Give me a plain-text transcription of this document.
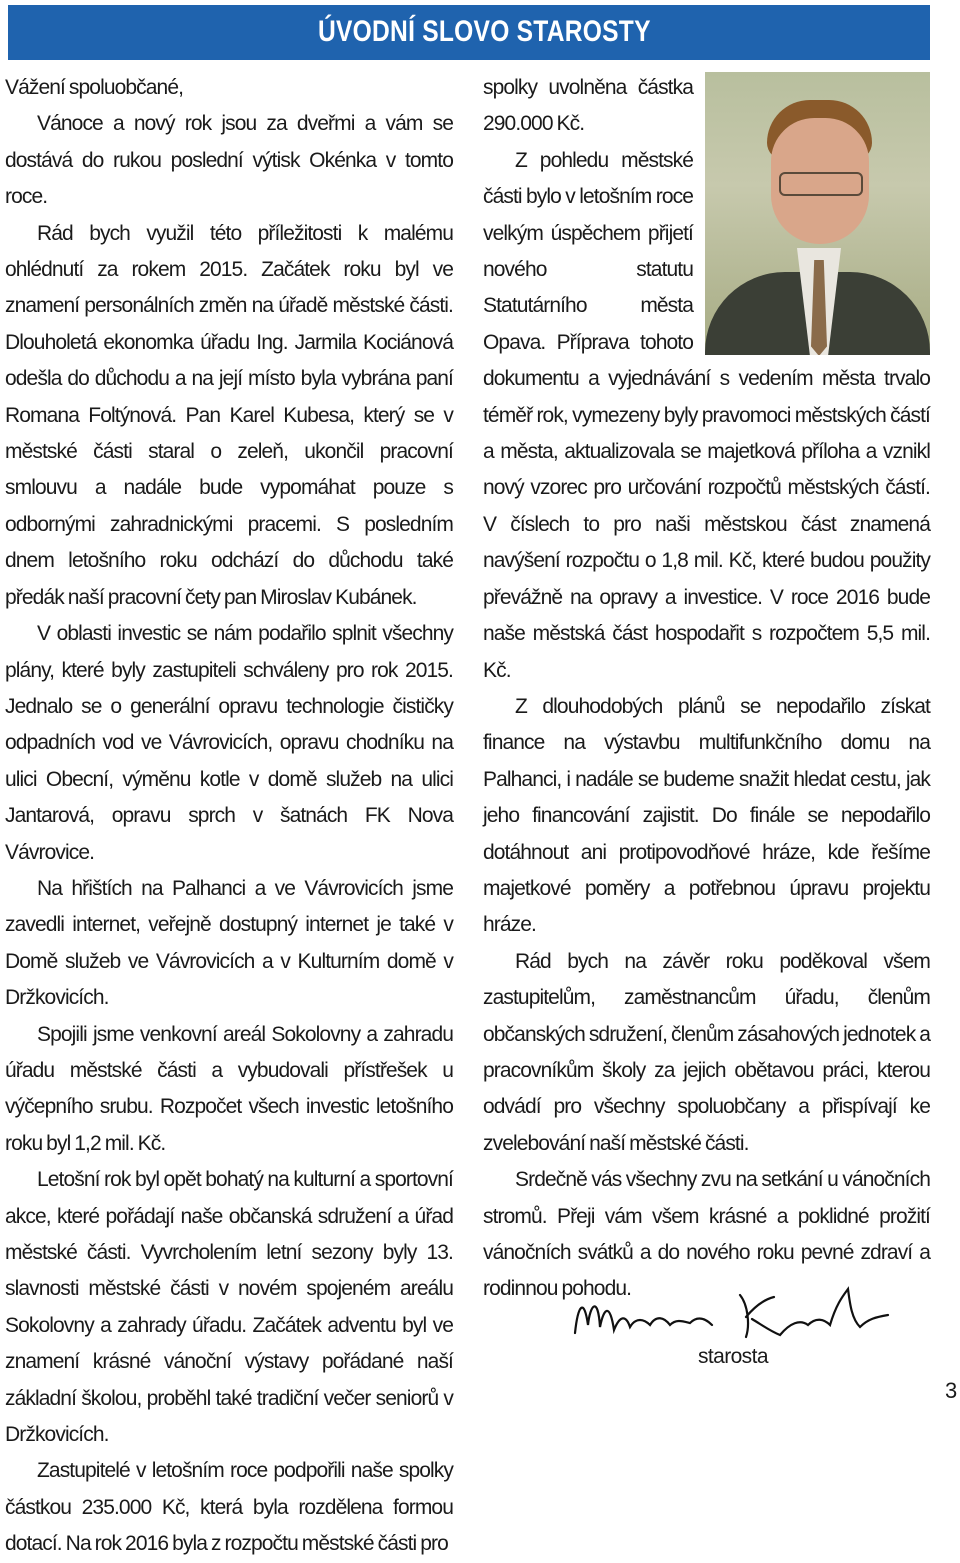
ÚVODNÍ SLOVO STAROSTY

Vážení spoluobčané,

Vánoce a nový rok jsou za dveřmi a vám se dostává do rukou poslední výtisk Okénka v tomto roce.

Rád bych využil této příležitosti k malému ohlédnutí za rokem 2015. Začátek roku byl ve znamení personálních změn na úřadě městské části. Dlouholetá ekonomka úřadu Ing. Jarmila Kociánová odešla do důchodu a na její místo byla vybrána paní Romana Foltýnová. Pan Karel Kubesa, který se v městské části staral o zeleň, ukončil pracovní smlouvu a nadále bude vypomáhat pouze s odbornými zahradnickými pracemi. S posledním dnem letošního roku odchází do důchodu také předák naší pracovní čety pan Miroslav Kubánek.

V oblasti investic se nám podařilo splnit všechny plány, které byly zastupiteli schváleny pro rok 2015. Jednalo se o generální opravu technologie čističky odpadních vod ve Vávrovicích, opravu chodníku na ulici Obecní, výměnu kotle v domě služeb na ulici Jantarová, opravu sprch v šatnách FK Nova Vávrovice.

Na hřištích na Palhanci a ve Vávrovicích jsme zavedli internet, veřejně dostupný internet je také v Domě služeb ve Vávrovicích a v Kulturním domě v Držkovicích.

Spojili jsme venkovní areál Sokolovny a zahradu úřadu městské části a vybudovali přístřešek u výčepního srubu. Rozpočet všech investic letošního roku byl 1,2 mil. Kč.

Letošní rok byl opět bohatý na kulturní a sportovní akce, které pořádají naše občanská sdružení a úřad městské části. Vyvrcholením letní sezony byly 13. slavnosti městské části v novém spojeném areálu Sokolovny a zahrady úřadu. Začátek adventu byl ve znamení krásné vánoční výstavy pořádané naší základní školou, proběhl také tradiční večer seniorů v Držkovicích.

Zastupitelé v letošním roce podpořili naše spolky částkou 235.000 Kč, která byla rozdělena formou dotací. Na rok 2016 byla z rozpočtu městské části pro

spolky uvolněna částka 290.000 Kč.

Z pohledu městské části bylo v letošním roce velkým úspěchem přijetí nového statutu Statutárního města Opava. Příprava tohoto dokumentu a vyjednávání s vedením města trvalo téměř rok, vymezeny byly pravomoci městských částí a města, aktualizovala se majetková příloha a vznikl nový vzorec pro určování rozpočtů městských částí. V číslech to pro naši městskou část znamená navýšení rozpočtu o 1,8 mil. Kč, které budou použity převážně na opravy a investice. V roce 2016 bude naše městská část hospodařit s rozpočtem 5,5 mil. Kč.

Z dlouhodobých plánů se nepodařilo získat finance na výstavbu multifunkčního domu na Palhanci, i nadále se budeme snažit hledat cestu, jak jeho financování zajistit. Do finále se nepodařilo dotáhnout ani protipovodňové hráze, kde řešíme majetkové poměry a potřebnou úpravu projektu hráze.

Rád bych na závěr roku poděkoval všem zastupitelům, zaměstnancům úřadu, členům občanských sdružení, členům zásahových jednotek a pracovníkům školy za jejich obětavou práci, kterou odvádí pro všechny spoluobčany a přispívají ke zvelebování naší městské části.

Srdečně vás všechny zvu na setkání u vánočních stromů. Přeji vám všem krásné a poklidné prožití vánočních svátků a do nového roku pevné zdraví a rodinnou pohodu.

starosta
3
